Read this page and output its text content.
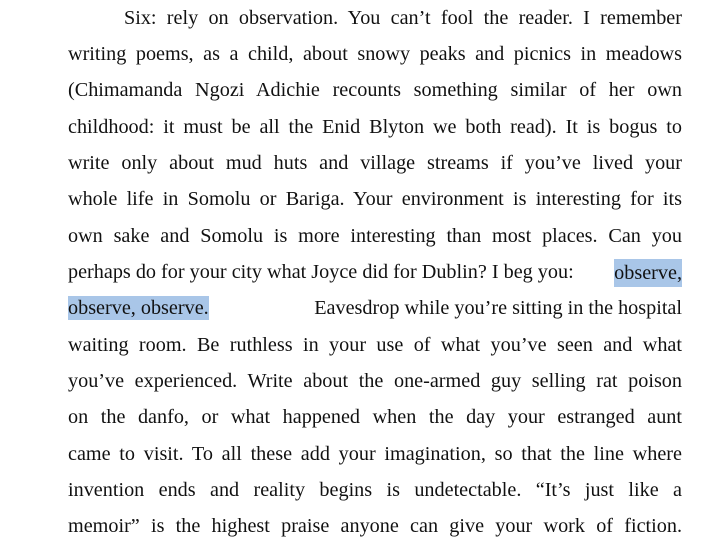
Six: rely on observation. You can’t fool the reader. I remember
writing poems, as a child, about snowy peaks and picnics in meadows
(Chimamanda Ngozi Adichie recounts something similar of her own
childhood: it must be all the Enid Blyton we both read). It is bogus to
write only about mud huts and village streams if you’ve lived your
whole life in Somolu or Bariga. Your environment is interesting for its
own sake and Somolu is more interesting than most places. Can you
perhaps do for your city what Joyce did for Dublin? I beg you: observe,
observe, observe.	Eavesdrop while you’re sitting in the hospital
waiting room. Be ruthless in your use of what you’ve seen and what
you’ve experienced. Write about the one-armed guy selling rat poison
on the danfo, or what happened when the day your estranged aunt
came to visit. To all these add your imagination, so that the line where
invention ends and reality begins is undetectable. “It’s just like a
memoir” is the highest praise anyone can give your work of fiction.
